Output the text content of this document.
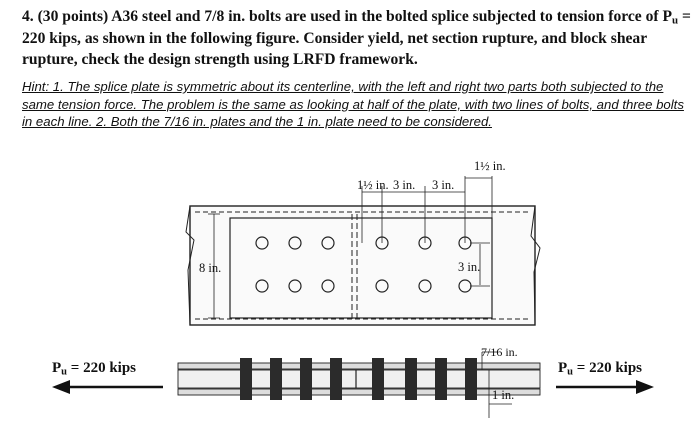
4. (30 points) A36 steel and 7/8 in. bolts are used in the bolted splice subjected to tension force of $P_u = 220$ kips, as shown in the following figure. Consider yield, net section rupture, and block shear rupture, check the design strength using LRFD framework.
Hint: 1. The splice plate is symmetric about its centerline, with the left and right two parts both subjected to the same tension force. The problem is the same as looking at half of the plate, with two lines of bolts, and three bolts in each line. 2. Both the 7/16 in. plates and the 1 in. plate need to be considered.
1½ in. 3 in. 3 in.
1½ in.
8 in.	3 in.
7/16 in.
1 in.
$P_u = 220$ kips	$P_u = 220$ kips
